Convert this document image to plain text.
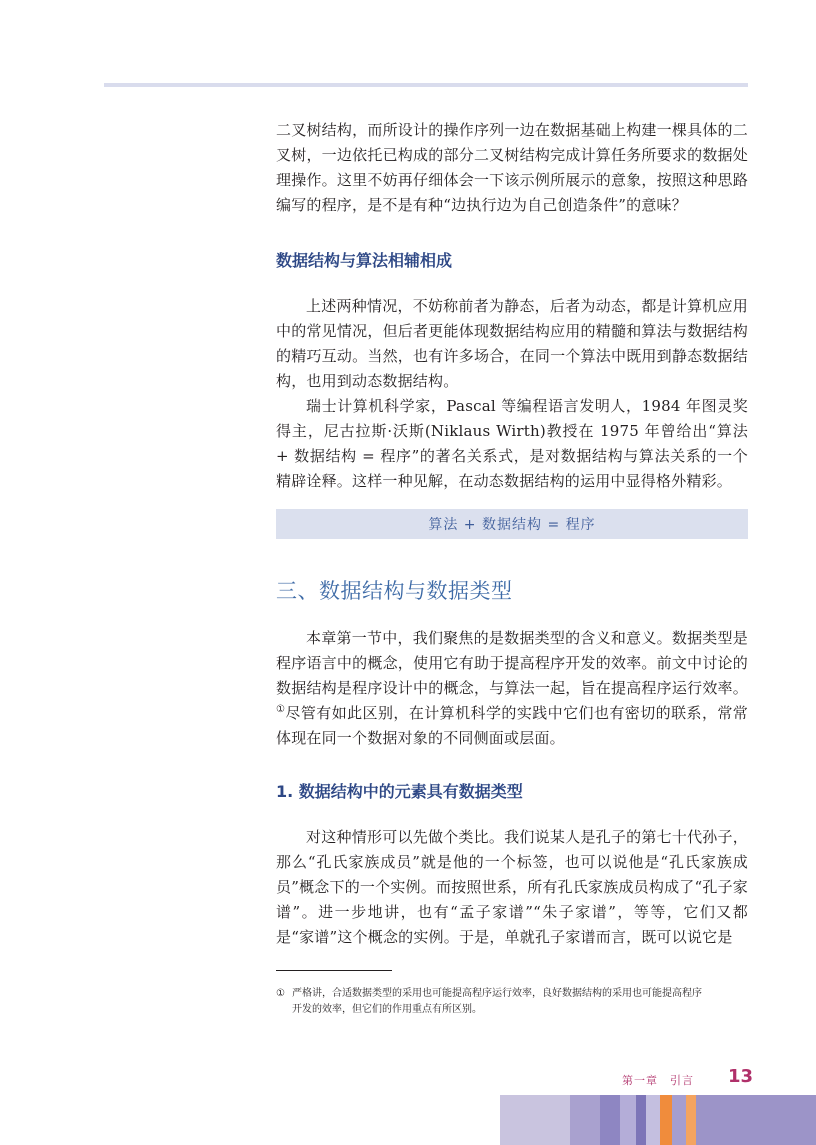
二叉树结构，而所设计的操作序列一边在数据基础上构建一棵具体的二叉树，一边依托已构成的部分二叉树结构完成计算任务所要求的数据处理操作。这里不妨再仔细体会一下该示例所展示的意象，按照这种思路编写的程序，是不是有种“边执行边为自己创造条件”的意味？

数据结构与算法相辅相成

上述两种情况，不妨称前者为静态，后者为动态，都是计算机应用中的常见情况，但后者更能体现数据结构应用的精髓和算法与数据结构的精巧互动。当然，也有许多场合，在同一个算法中既用到静态数据结构，也用到动态数据结构。

瑞士计算机科学家，Pascal 等编程语言发明人，1984 年图灵奖得主，尼古拉斯·沃斯(Niklaus Wirth)教授在 1975 年曾给出“算法 + 数据结构 = 程序”的著名关系式，是对数据结构与算法关系的一个精辟诠释。这样一种见解，在动态数据结构的运用中显得格外精彩。

算法 + 数据结构 = 程序
三、数据结构与数据类型

本章第一节中，我们聚焦的是数据类型的含义和意义。数据类型是程序语言中的概念，使用它有助于提高程序开发的效率。前文中讨论的数据结构是程序设计中的概念，与算法一起，旨在提高程序运行效率。①尽管有如此区别，在计算机科学的实践中它们也有密切的联系，常常体现在同一个数据对象的不同侧面或层面。

1. 数据结构中的元素具有数据类型

对这种情形可以先做个类比。我们说某人是孔子的第七十代孙子，那么“孔氏家族成员”就是他的一个标签，也可以说他是“孔氏家族成员”概念下的一个实例。而按照世系，所有孔氏家族成员构成了“孔子家谱”。进一步地讲，也有“孟子家谱”“朱子家谱”，等等，它们又都是“家谱”这个概念的实例。于是，单就孔子家谱而言，既可以说它是

① 严格讲，合适数据类型的采用也可能提高程序运行效率，良好数据结构的采用也可能提高程序
开发的效率，但它们的作用重点有所区别。
第一章　引言 13
